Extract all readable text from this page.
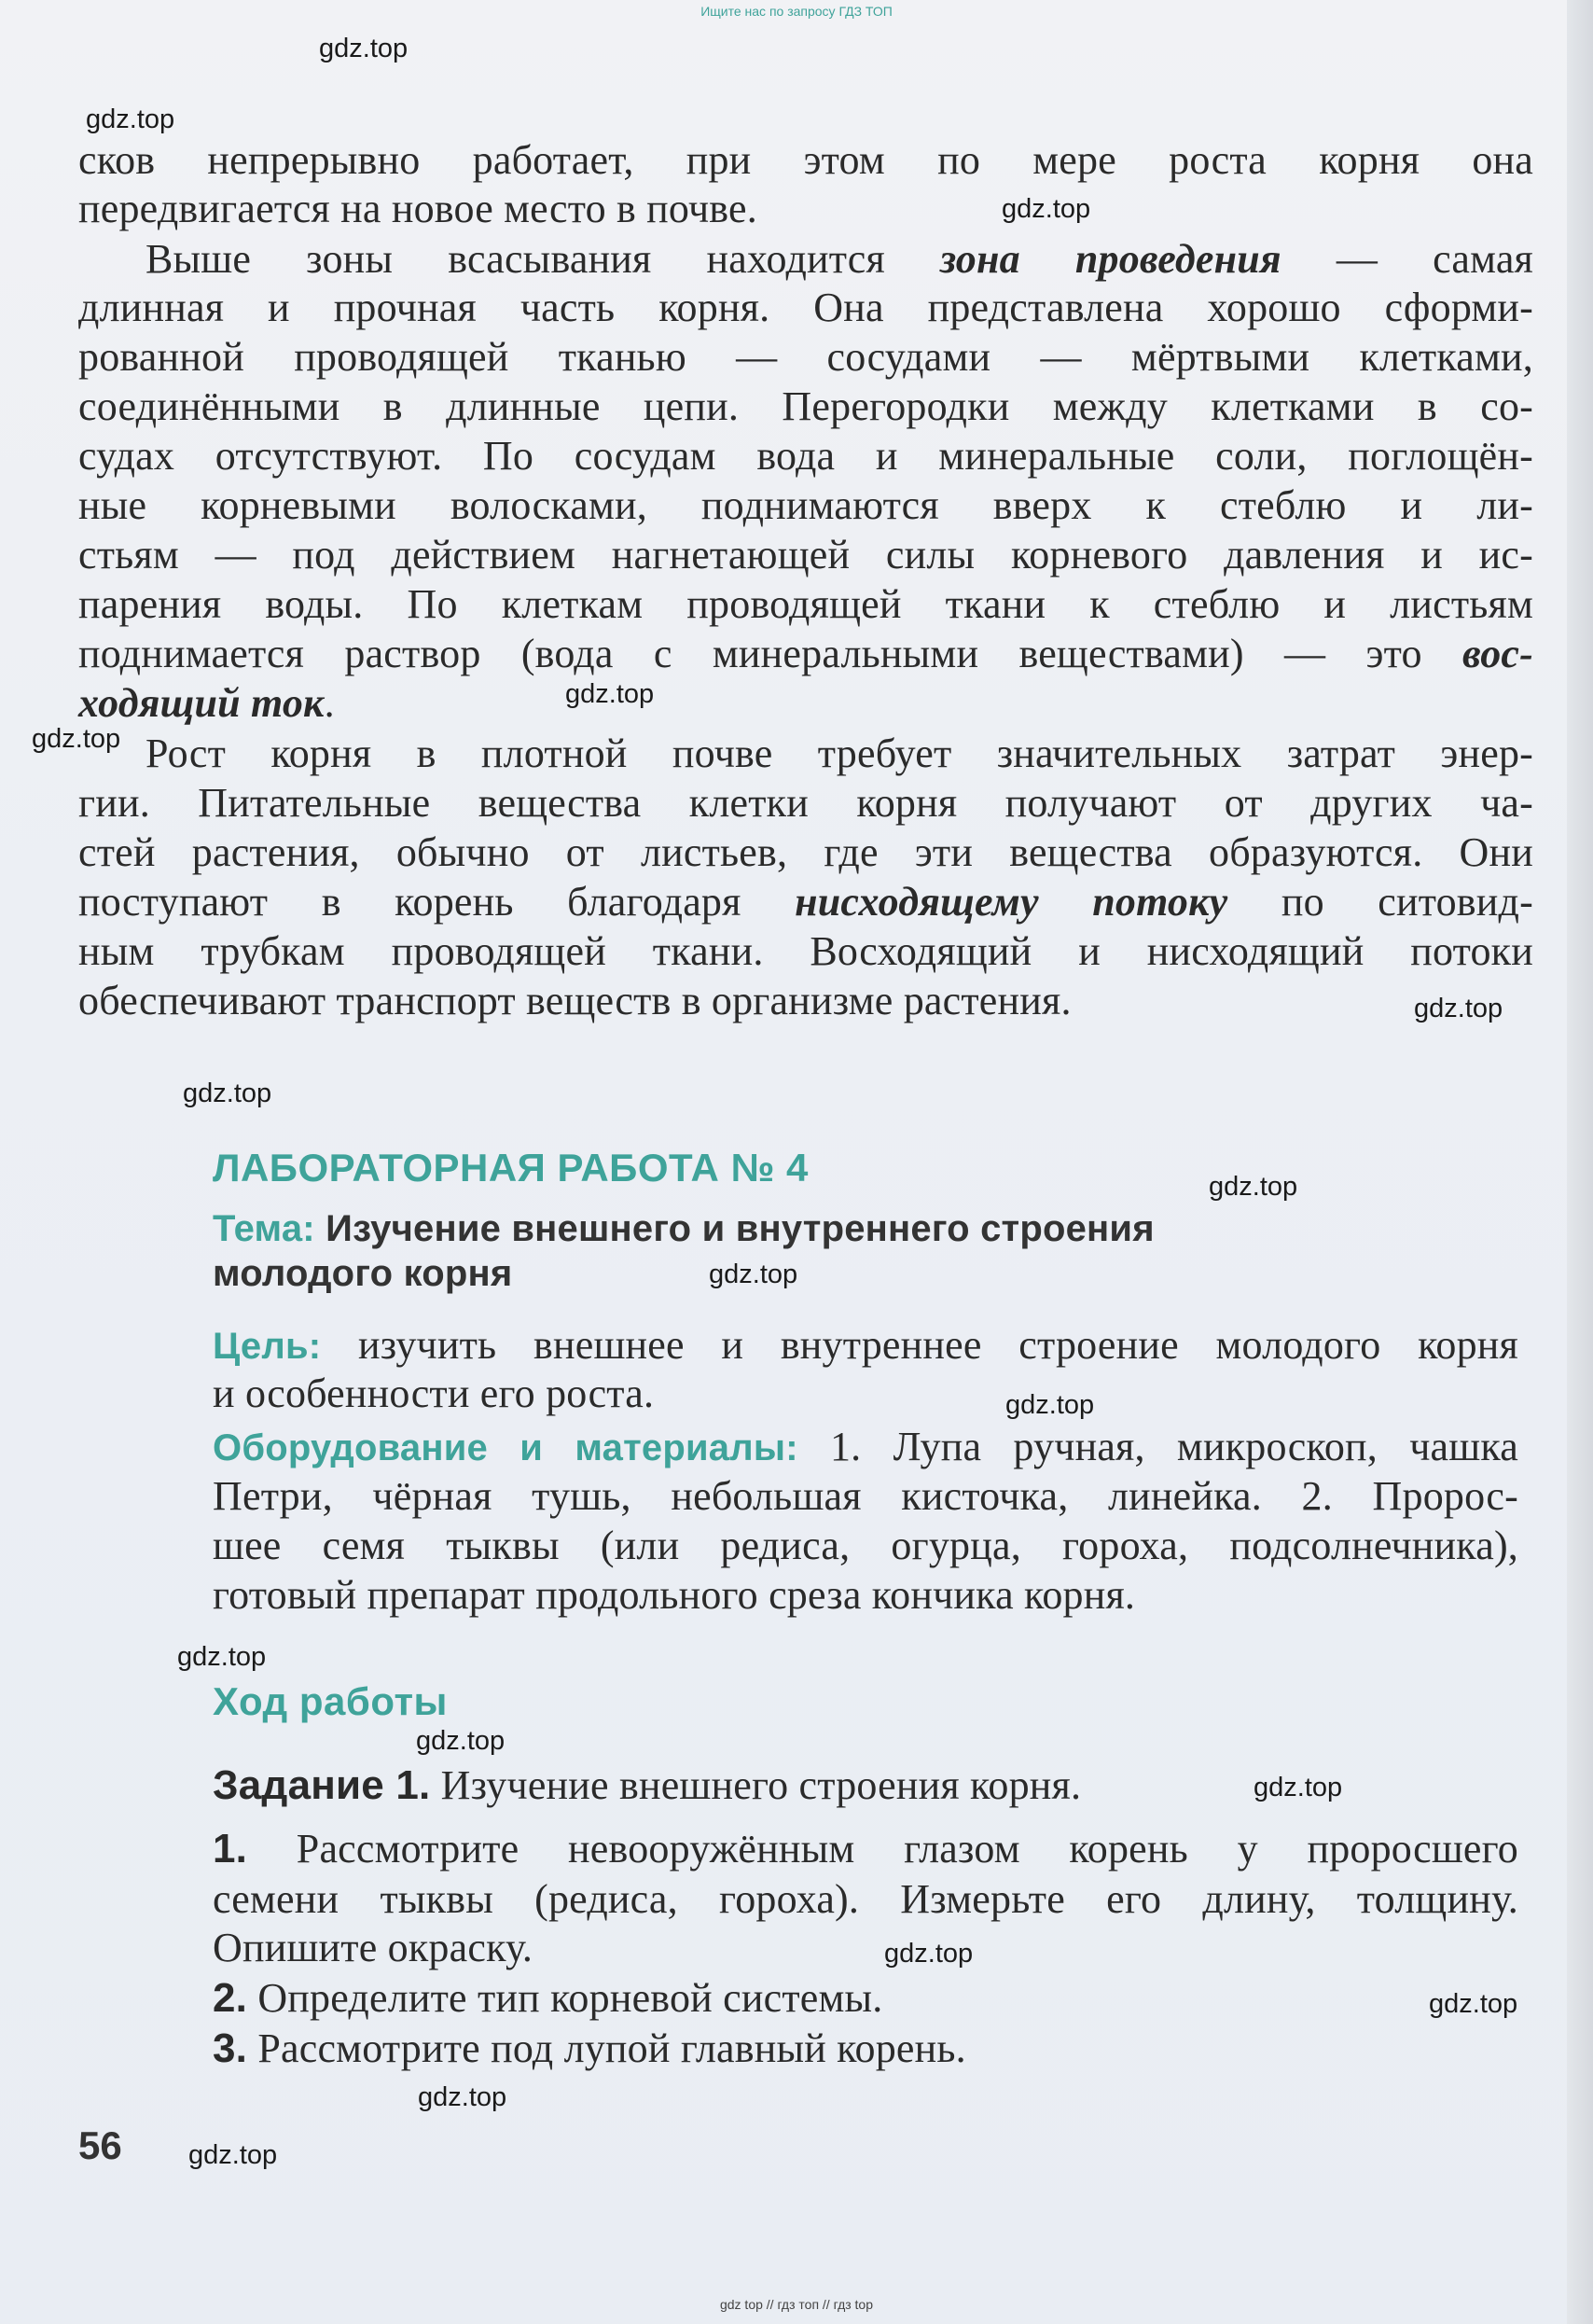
Ищите нас по запросу ГДЗ ТОП

сков непрерывно работает, при этом по мере роста корня она

передвигается на новое место в почве.

Выше зоны всасывания находится зона проведения — самая

длинная и прочная часть корня. Она представлена хорошо сформи-

рованной проводящей тканью — сосудами — мёртвыми клетками,

соединёнными в длинные цепи. Перегородки между клетками в со-

судах отсутствуют. По сосудам вода и минеральные соли, поглощён-

ные корневыми волосками, поднимаются вверх к стеблю и ли-

стьям — под действием нагнетающей силы корневого давления и ис-

парения воды. По клеткам проводящей ткани к стеблю и листьям

поднимается раствор (вода с минеральными веществами) — это вос-

ходящий ток.

Рост корня в плотной почве требует значительных затрат энер-

гии. Питательные вещества клетки корня получают от других ча-

стей растения, обычно от листьев, где эти вещества образуются. Они

поступают в корень благодаря нисходящему потоку по ситовид-

ным трубкам проводящей ткани. Восходящий и нисходящий потоки

обеспечивают транспорт веществ в организме растения.

ЛАБОРАТОРНАЯ РАБОТА № 4

Тема: Изучение внешнего и внутреннего строения

молодого корня

Цель: изучить внешнее и внутреннее строение молодого корня

и особенности его роста.

Оборудование и материалы: 1. Лупа ручная, микроскоп, чашка

Петри, чёрная тушь, небольшая кисточка, линейка. 2. Пророс-

шее семя тыквы (или редиса, огурца, гороха, подсолнечника),

готовый препарат продольного среза кончика корня.

Ход работы

Задание 1. Изучение внешнего строения корня.

1. Рассмотрите невооружённым глазом корень у проросшего

семени тыквы (редиса, гороха). Измерьте его длину, толщину.

Опишите окраску.

2. Определите тип корневой системы.

3. Рассмотрите под лупой главный корень.

56
gdz.top
gdz.top
gdz.top
gdz.top
gdz.top
gdz.top
gdz.top
gdz.top
gdz.top
gdz.top
gdz.top
gdz.top
gdz.top
gdz.top
gdz.top
gdz.top
gdz.top
gdz top // гдз топ // гдз top
